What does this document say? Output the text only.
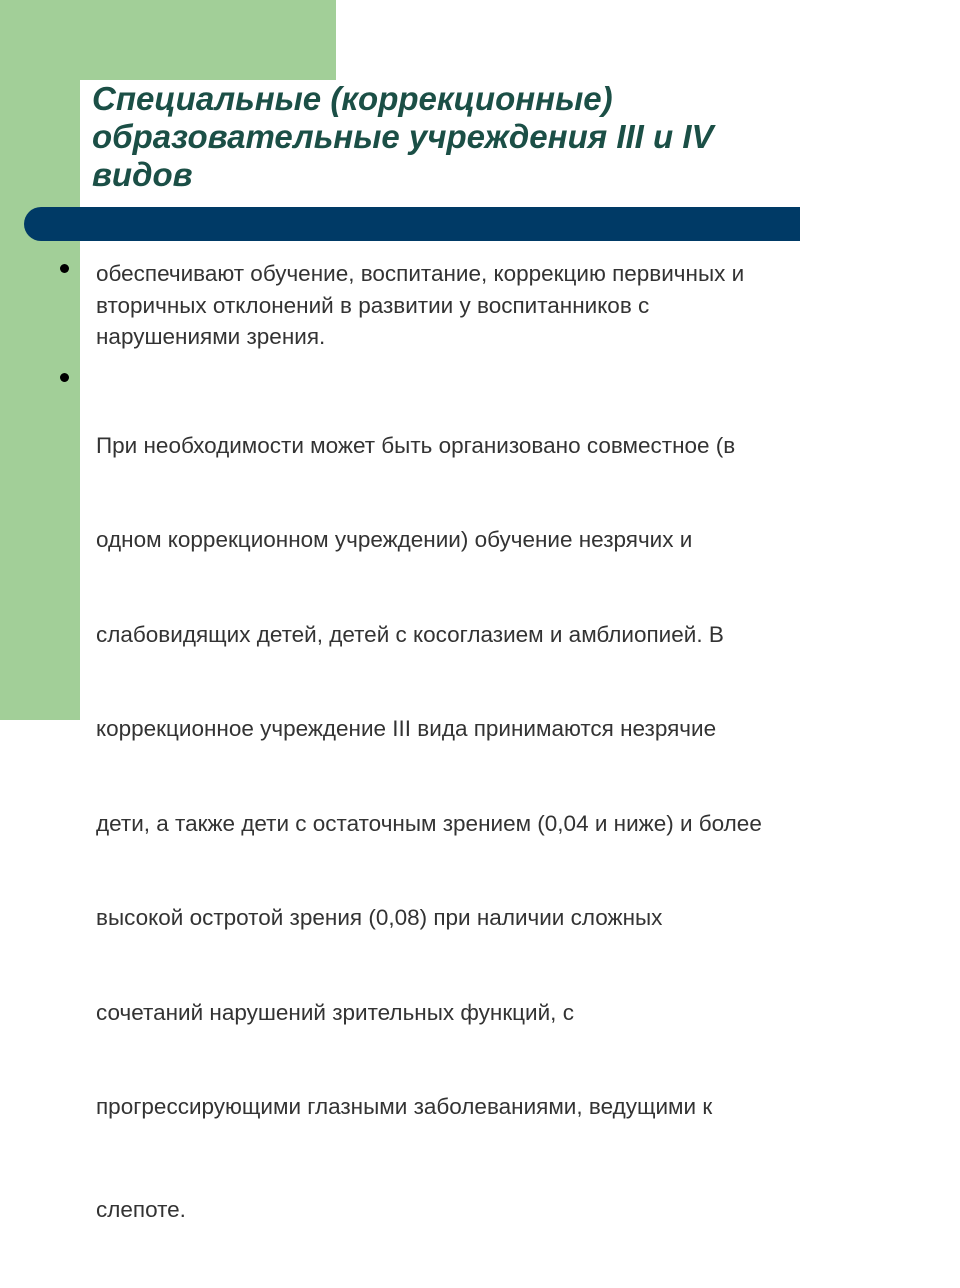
Специальные (коррекционные)
образовательные учреждения III и IV
видов
обеспечивают обучение, воспитание, коррекцию первичных и
вторичных отклонений в развитии у воспитанников с
нарушениями зрения.

При необходимости может быть организовано совместное (в

одном коррекционном учреждении) обучение незрячих и

слабовидящих детей, детей с косоглазием и амблиопией. В

коррекционное учреждение III вида принимаются незрячие

дети, а также дети с остаточным зрением (0,04 и ниже) и более

высокой остротой зрения (0,08) при наличии сложных

сочетаний нарушений зрительных функций, с

прогрессирующими глазными заболеваниями, ведущими к

слепоте.
